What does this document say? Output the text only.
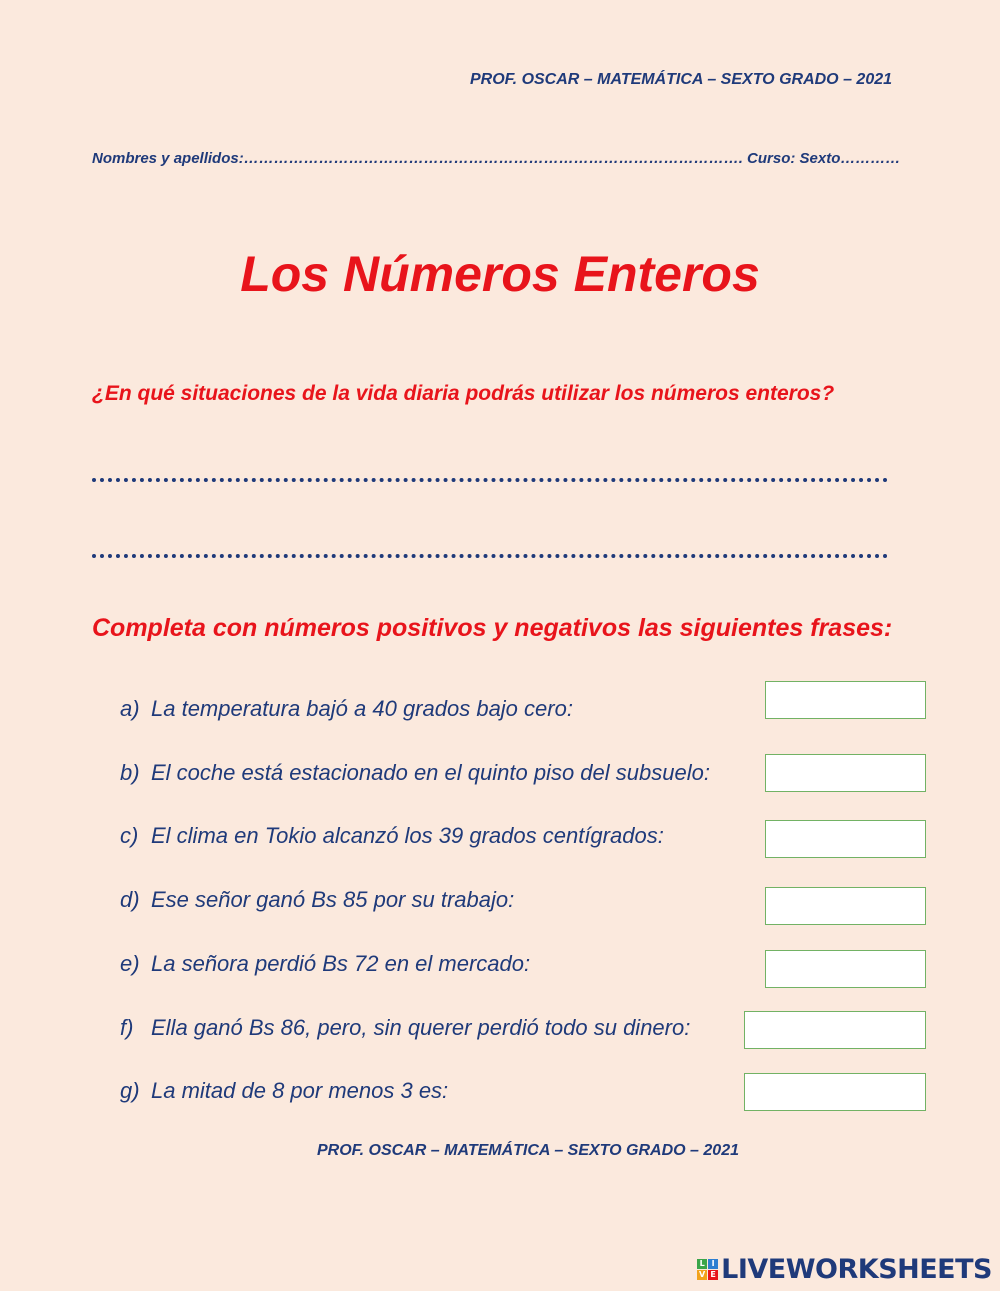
PROF. OSCAR – MATEMÁTICA – SEXTO GRADO – 2021
Nombres y apellidos:………………………………………………………………………………………. Curso: Sexto…………
Los Números Enteros
¿En qué situaciones de la vida diaria podrás utilizar los números enteros?
Completa con números positivos y negativos las siguientes frases:
a) La temperatura bajó a 40 grados bajo cero:
b) El coche está estacionado en el quinto piso del subsuelo:
c) El clima en Tokio alcanzó los 39 grados centígrados:
d) Ese señor ganó Bs 85 por su trabajo:
e) La señora perdió Bs 72 en el mercado:
f) Ella ganó Bs 86, pero, sin querer perdió todo su dinero:
g) La mitad de 8 por menos 3 es:
PROF. OSCAR – MATEMÁTICA – SEXTO GRADO – 2021
L I
V E LIVEWORKSHEETS
